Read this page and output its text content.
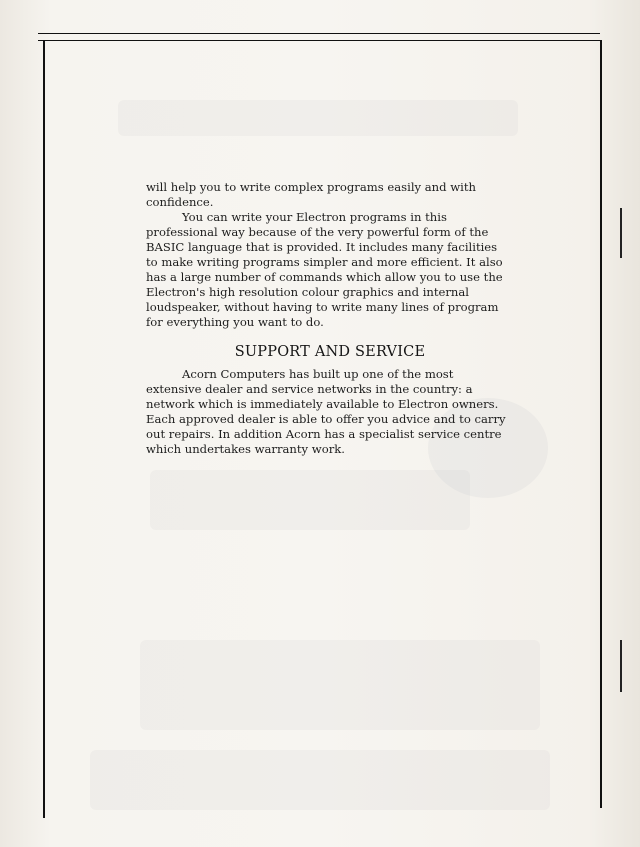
will help you to write complex programs easily and with confidence.

You can write your Electron programs in this professional way because of the very powerful form of the BASIC language that is provided. It includes many facilities to make writing programs simpler and more efficient. It also has a large number of commands which allow you to use the Electron's high resolution colour graphics and internal loudspeaker, without having to write many lines of program for everything you want to do.

SUPPORT AND SERVICE

Acorn Computers has built up one of the most extensive dealer and service networks in the country: a network which is immediately available to Electron owners. Each approved dealer is able to offer you advice and to carry out repairs. In addition Acorn has a specialist service centre which undertakes warranty work.
